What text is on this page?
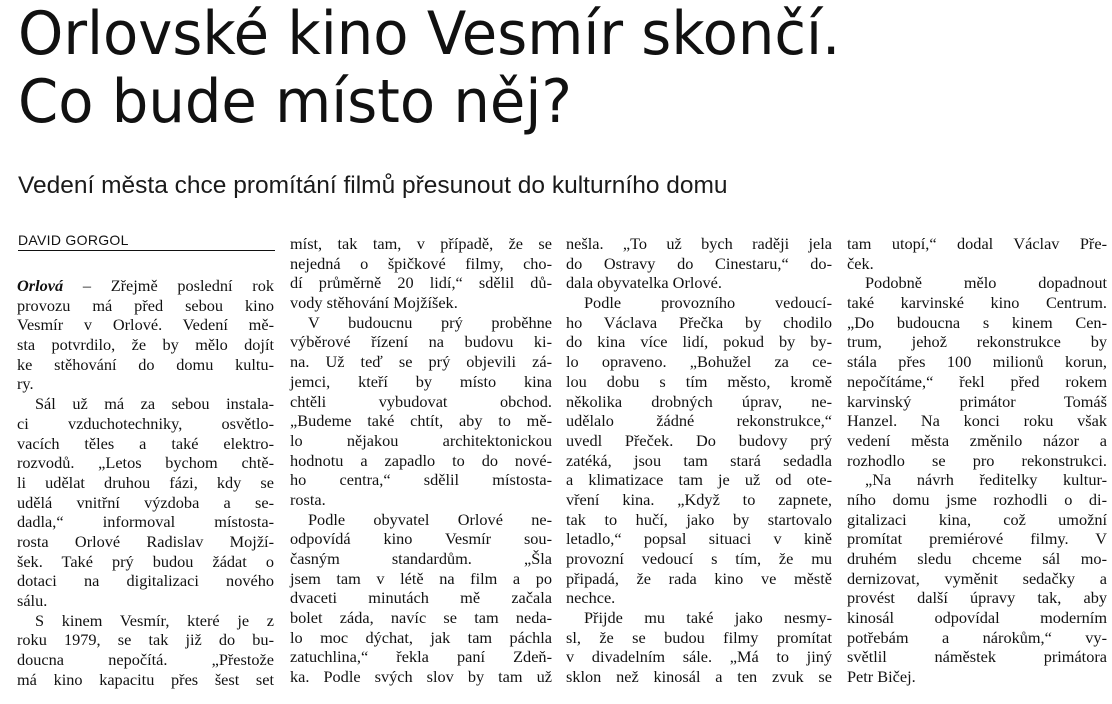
Orlovské kino Vesmír skončí.
Co bude místo něj?
Vedení města chce promítání filmů přesunout do kulturního domu
DAVID GORGOL
Orlová – Zřejmě poslední rok
provozu má před sebou kino
Vesmír v Orlové. Vedení mě-
sta potvrdilo, že by mělo dojít
ke stěhování do domu kultu-
ry.
Sál už má za sebou instala-
ci vzduchotechniky, osvětlo-
vacích těles a také elektro-
rozvodů. „Letos bychom chtě-
li udělat druhou fázi, kdy se
udělá vnitřní výzdoba a se-
dadla,“ informoval místosta-
rosta Orlové Radislav Mojží-
šek. Také prý budou žádat o
dotaci na digitalizaci nového
sálu.
S kinem Vesmír, které je z
roku 1979, se tak již do bu-
doucna nepočítá. „Přestože
má kino kapacitu přes šest set
míst, tak tam, v případě, že se
nejedná o špičkové filmy, cho-
dí průměrně 20 lidí,“ sdělil dů-
vody stěhování Mojžíšek.
V budoucnu prý proběhne
výběrové řízení na budovu ki-
na. Už teď se prý objevili zá-
jemci, kteří by místo kina
chtěli vybudovat obchod.
„Budeme také chtít, aby to mě-
lo nějakou architektonickou
hodnotu a zapadlo to do nové-
ho centra,“ sdělil místosta-
rosta.
Podle obyvatel Orlové ne-
odpovídá kino Vesmír sou-
časným standardům. „Šla
jsem tam v létě na film a po
dvaceti minutách mě začala
bolet záda, navíc se tam neda-
lo moc dýchat, jak tam páchla
zatuchlina,“ řekla paní Zdeň-
ka. Podle svých slov by tam už
nešla. „To už bych raději jela
do Ostravy do Cinestaru,“ do-
dala obyvatelka Orlové.
Podle provozního vedoucí-
ho Václava Přečka by chodilo
do kina více lidí, pokud by by-
lo opraveno. „Bohužel za ce-
lou dobu s tím město, kromě
několika drobných úprav, ne-
udělalo žádné rekonstrukce,“
uvedl Přeček. Do budovy prý
zatéká, jsou tam stará sedadla
a klimatizace tam je už od ote-
vření kina. „Když to zapnete,
tak to hučí, jako by startovalo
letadlo,“ popsal situaci v kině
provozní vedoucí s tím, že mu
připadá, že rada kino ve městě
nechce.
Přijde mu také jako nesmy-
sl, že se budou filmy promítat
v divadelním sále. „Má to jiný
sklon než kinosál a ten zvuk se
tam utopí,“ dodal Václav Pře-
ček.
Podobně mělo dopadnout
také karvinské kino Centrum.
„Do budoucna s kinem Cen-
trum, jehož rekonstrukce by
stála přes 100 milionů korun,
nepočítáme,“ řekl před rokem
karvinský primátor Tomáš
Hanzel. Na konci roku však
vedení města změnilo názor a
rozhodlo se pro rekonstrukci.
„Na návrh ředitelky kultur-
ního domu jsme rozhodli o di-
gitalizaci kina, což umožní
promítat premiérové filmy. V
druhém sledu chceme sál mo-
dernizovat, vyměnit sedačky a
provést další úpravy tak, aby
kinosál odpovídal moderním
potřebám a nárokům,“ vy-
světlil náměstek primátora
Petr Bičej.
